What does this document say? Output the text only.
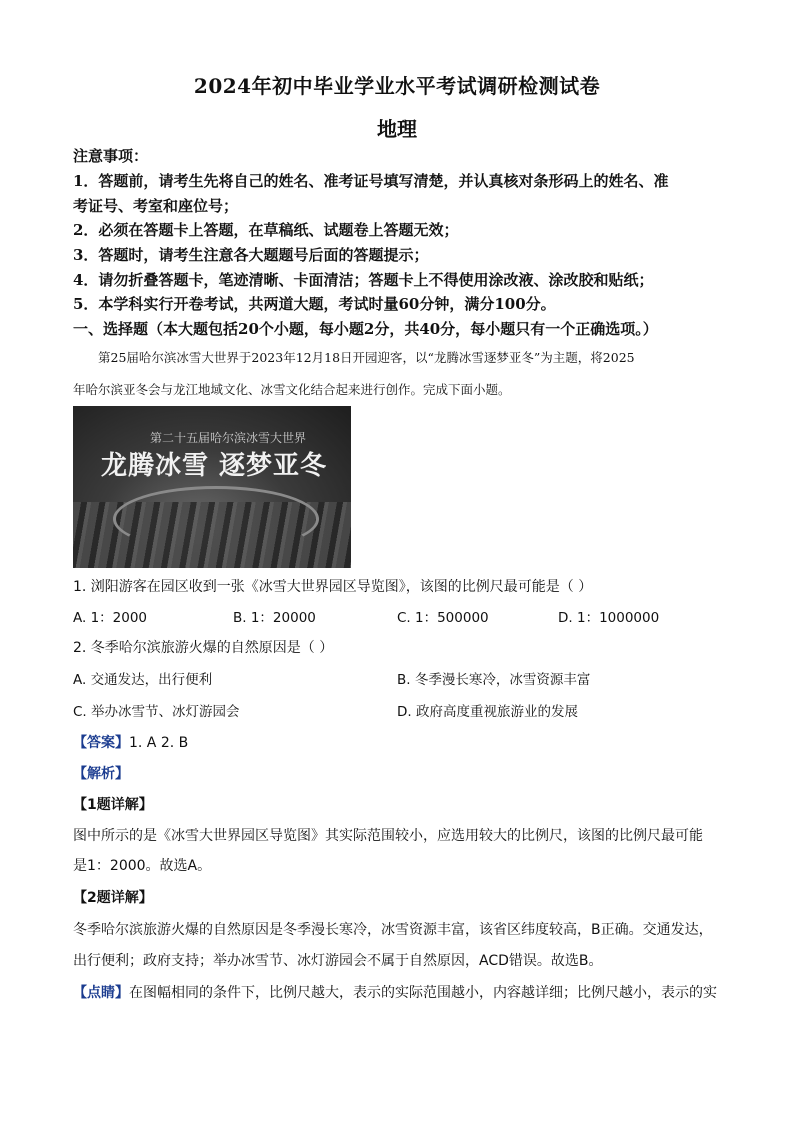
2024年初中毕业学业水平考试调研检测试卷
地理
注意事项：
1．答题前，请考生先将自己的姓名、准考证号填写清楚，并认真核对条形码上的姓名、准
考证号、考室和座位号；
2．必须在答题卡上答题，在草稿纸、试题卷上答题无效；
3．答题时，请考生注意各大题题号后面的答题提示；
4．请勿折叠答题卡，笔迹清晰、卡面清洁；答题卡上不得使用涂改液、涂改胶和贴纸；
5．本学科实行开卷考试，共两道大题，考试时量60分钟，满分100分。
一、选择题（本大题包括20个小题，每小题2分，共40分，每小题只有一个正确选项。）
第25届哈尔滨冰雪大世界于2023年12月18日开园迎客，以“龙腾冰雪逐梦亚冬”为主题，将2025
年哈尔滨亚冬会与龙江地域文化、冰雪文化结合起来进行创作。完成下面小题。
第二十五届哈尔滨冰雪大世界
龙腾冰雪 逐梦亚冬
1. 浏阳游客在园区收到一张《冰雪大世界园区导览图》，该图的比例尺最可能是（ ）
A. 1：2000	B. 1：20000	C. 1：500000	D. 1：1000000
2. 冬季哈尔滨旅游火爆的自然原因是（ ）
A. 交通发达，出行便利	B. 冬季漫长寒冷，冰雪资源丰富
C. 举办冰雪节、冰灯游园会	D. 政府高度重视旅游业的发展
【答案】1. A 2. B
【解析】
【1题详解】
图中所示的是《冰雪大世界园区导览图》其实际范围较小，应选用较大的比例尺，该图的比例尺最可能
是1：2000。故选A。
【2题详解】
冬季哈尔滨旅游火爆的自然原因是冬季漫长寒冷，冰雪资源丰富，该省区纬度较高，B正确。交通发达，
出行便利；政府支持；举办冰雪节、冰灯游园会不属于自然原因，ACD错误。故选B。
【点睛】在图幅相同的条件下，比例尺越大，表示的实际范围越小，内容越详细；比例尺越小，表示的实
